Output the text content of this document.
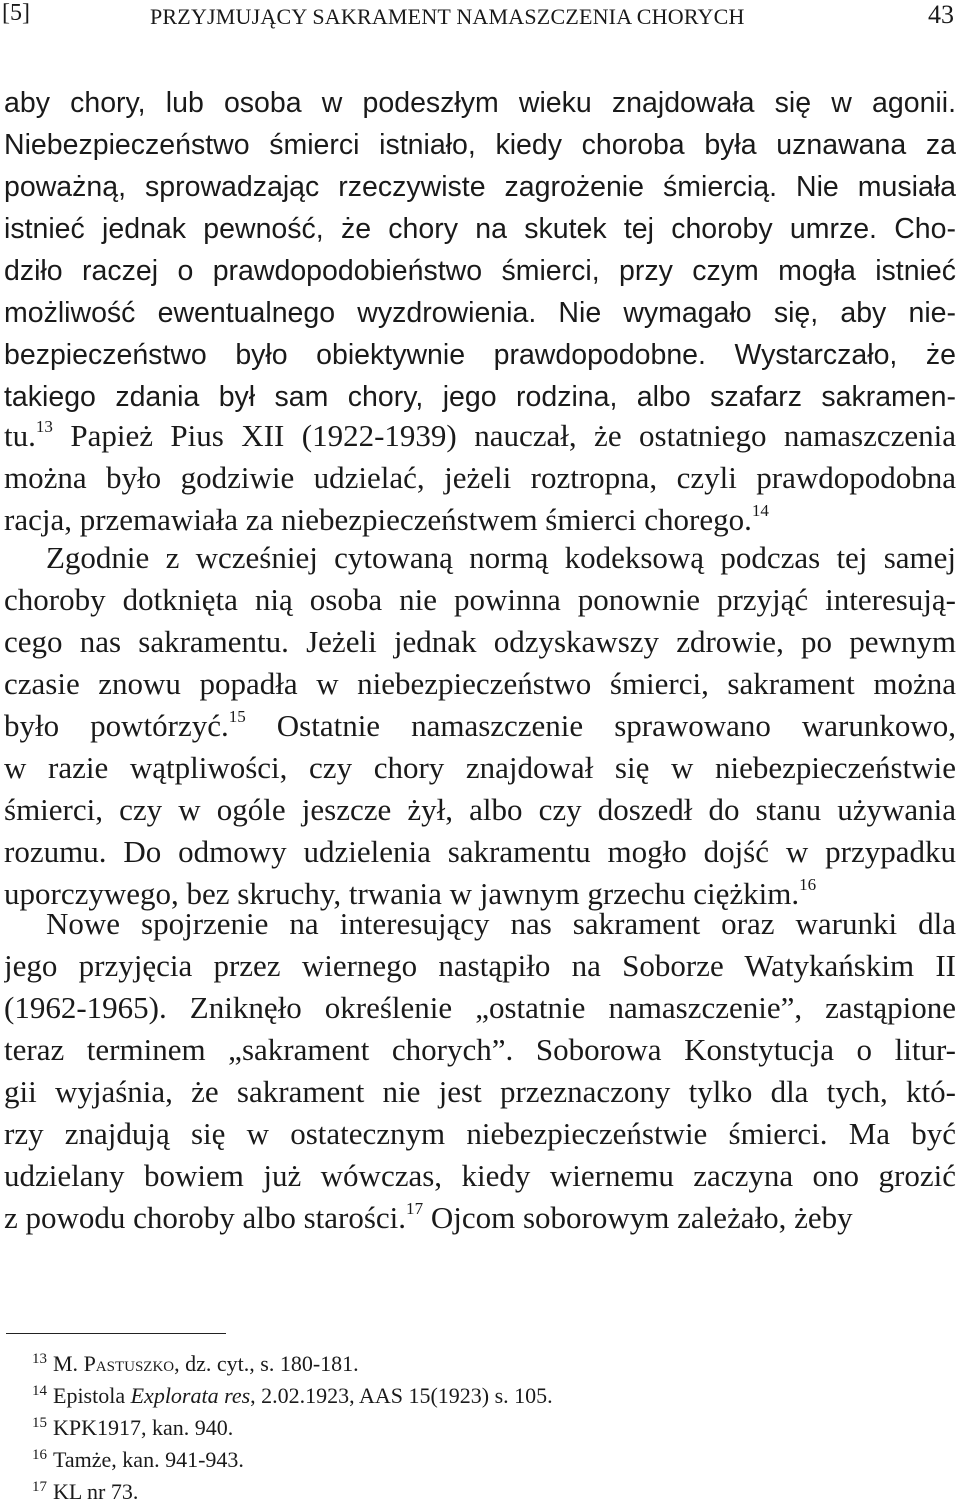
[5]	PRZYJMUJĄCY SAKRAMENT NAMASZCZENIA CHORYCH	43
aby chory, lub osoba w podeszłym wieku znajdowała się w agonii.
Niebezpieczeństwo śmierci istniało, kiedy choroba była uznawana za
poważną, sprowadzając rzeczywiste zagrożenie śmiercią. Nie musiała
istnieć jednak pewność, że chory na skutek tej choroby umrze. Cho-
dziło raczej o prawdopodobieństwo śmierci, przy czym mogła istnieć
możliwość ewentualnego wyzdrowienia. Nie wymagało się, aby nie-
bezpieczeństwo było obiektywnie prawdopodobne. Wystarczało, że
takiego zdania był sam chory, jego rodzina, albo szafarz sakramen-
tu.$^{13}$ Papież Pius XII (1922-1939) nauczał, że ostatniego namaszczenia
można było godziwie udzielać, jeżeli roztropna, czyli prawdopodobna
racja, przemawiała za niebezpieczeństwem śmierci chorego.$^{14}$
Zgodnie z wcześniej cytowaną normą kodeksową podczas tej samej
choroby dotknięta nią osoba nie powinna ponownie przyjąć interesują-
cego nas sakramentu. Jeżeli jednak odzyskawszy zdrowie, po pewnym
czasie znowu popadła w niebezpieczeństwo śmierci, sakrament można
było powtórzyć.$^{15}$ Ostatnie namaszczenie sprawowano warunkowo,
w razie wątpliwości, czy chory znajdował się w niebezpieczeństwie
śmierci, czy w ogóle jeszcze żył, albo czy doszedł do stanu używania
rozumu. Do odmowy udzielenia sakramentu mogło dojść w przypadku
uporczywego, bez skruchy, trwania w jawnym grzechu ciężkim.$^{16}$
Nowe spojrzenie na interesujący nas sakrament oraz warunki dla
jego przyjęcia przez wiernego nastąpiło na Soborze Watykańskim II
(1962-1965). Zniknęło określenie „ostatnie namaszczenie”, zastąpione
teraz terminem „sakrament chorych”. Soborowa Konstytucja o litur-
gii wyjaśnia, że sakrament nie jest przeznaczony tylko dla tych, któ-
rzy znajdują się w ostatecznym niebezpieczeństwie śmierci. Ma być
udzielany bowiem już wówczas, kiedy wiernemu zaczyna ono grozić
z powodu choroby albo starości.$^{17}$ Ojcom soborowym zależało, żeby
$^{13}$ M. Pastuszko, dz. cyt., s. 180-181.
$^{14}$ Epistola Explorata res, 2.02.1923, AAS 15(1923) s. 105.
$^{15}$ KPK1917, kan. 940.
$^{16}$ Tamże, kan. 941-943.
$^{17}$ KL nr 73.
